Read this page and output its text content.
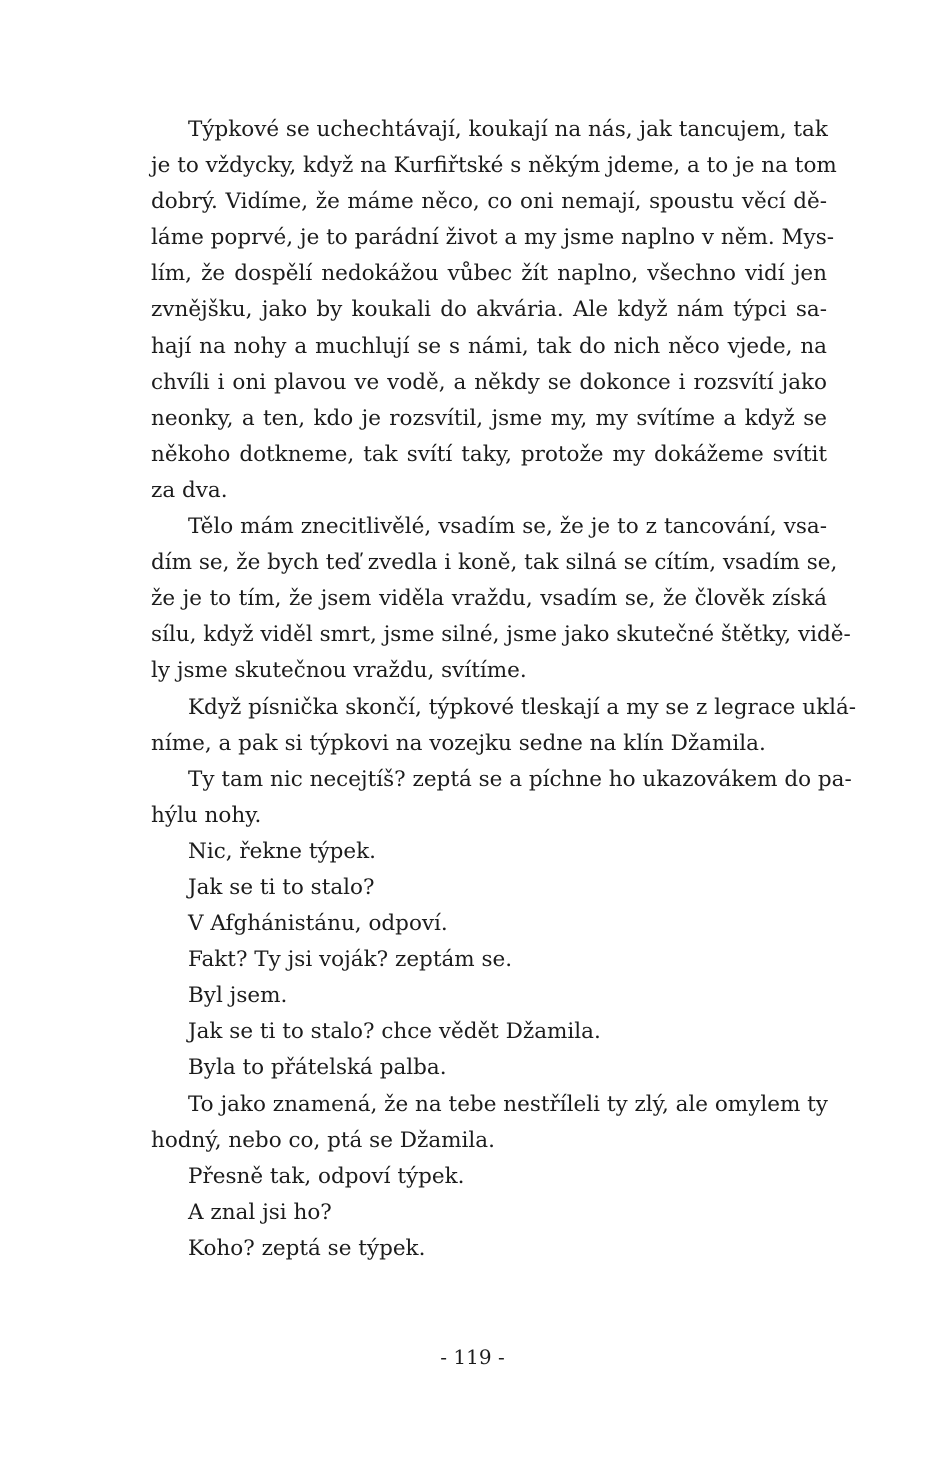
Týpkové se uchechtávají, koukají na nás, jak tancujem, tak
je to vždycky, když na Kurfiřtské s někým jdeme, a to je na tom
dobrý. Vidíme, že máme něco, co oni nemají, spoustu věcí dě-
láme poprvé, je to parádní život a my jsme naplno v něm. Mys-
lím, že dospělí nedokážou vůbec žít naplno, všechno vidí jen
zvnějšku, jako by koukali do akvária. Ale když nám týpci sa-
hají na nohy a muchlují se s námi, tak do nich něco vjede, na
chvíli i oni plavou ve vodě, a někdy se dokonce i rozsvítí jako
neonky, a ten, kdo je rozsvítil, jsme my, my svítíme a když se
někoho dotkneme, tak svítí taky, protože my dokážeme svítit
za dva.
Tělo mám znecitlivělé, vsadím se, že je to z tancování, vsa-
dím se, že bych teď zvedla i koně, tak silná se cítím, vsadím se,
že je to tím, že jsem viděla vraždu, vsadím se, že člověk získá
sílu, když viděl smrt, jsme silné, jsme jako skutečné štětky, vidě-
ly jsme skutečnou vraždu, svítíme.
Když písnička skončí, týpkové tleskají a my se z legrace uklá-
níme, a pak si týpkovi na vozejku sedne na klín Džamila.
Ty tam nic necejtíš? zeptá se a píchne ho ukazovákem do pa-
hýlu nohy.
Nic, řekne týpek.
Jak se ti to stalo?
V Afghánistánu, odpoví.
Fakt? Ty jsi voják? zeptám se.
Byl jsem.
Jak se ti to stalo? chce vědět Džamila.
Byla to přátelská palba.
To jako znamená, že na tebe nestříleli ty zlý, ale omylem ty
hodný, nebo co, ptá se Džamila.
Přesně tak, odpoví týpek.
A znal jsi ho?
Koho? zeptá se týpek.
- 119 -
